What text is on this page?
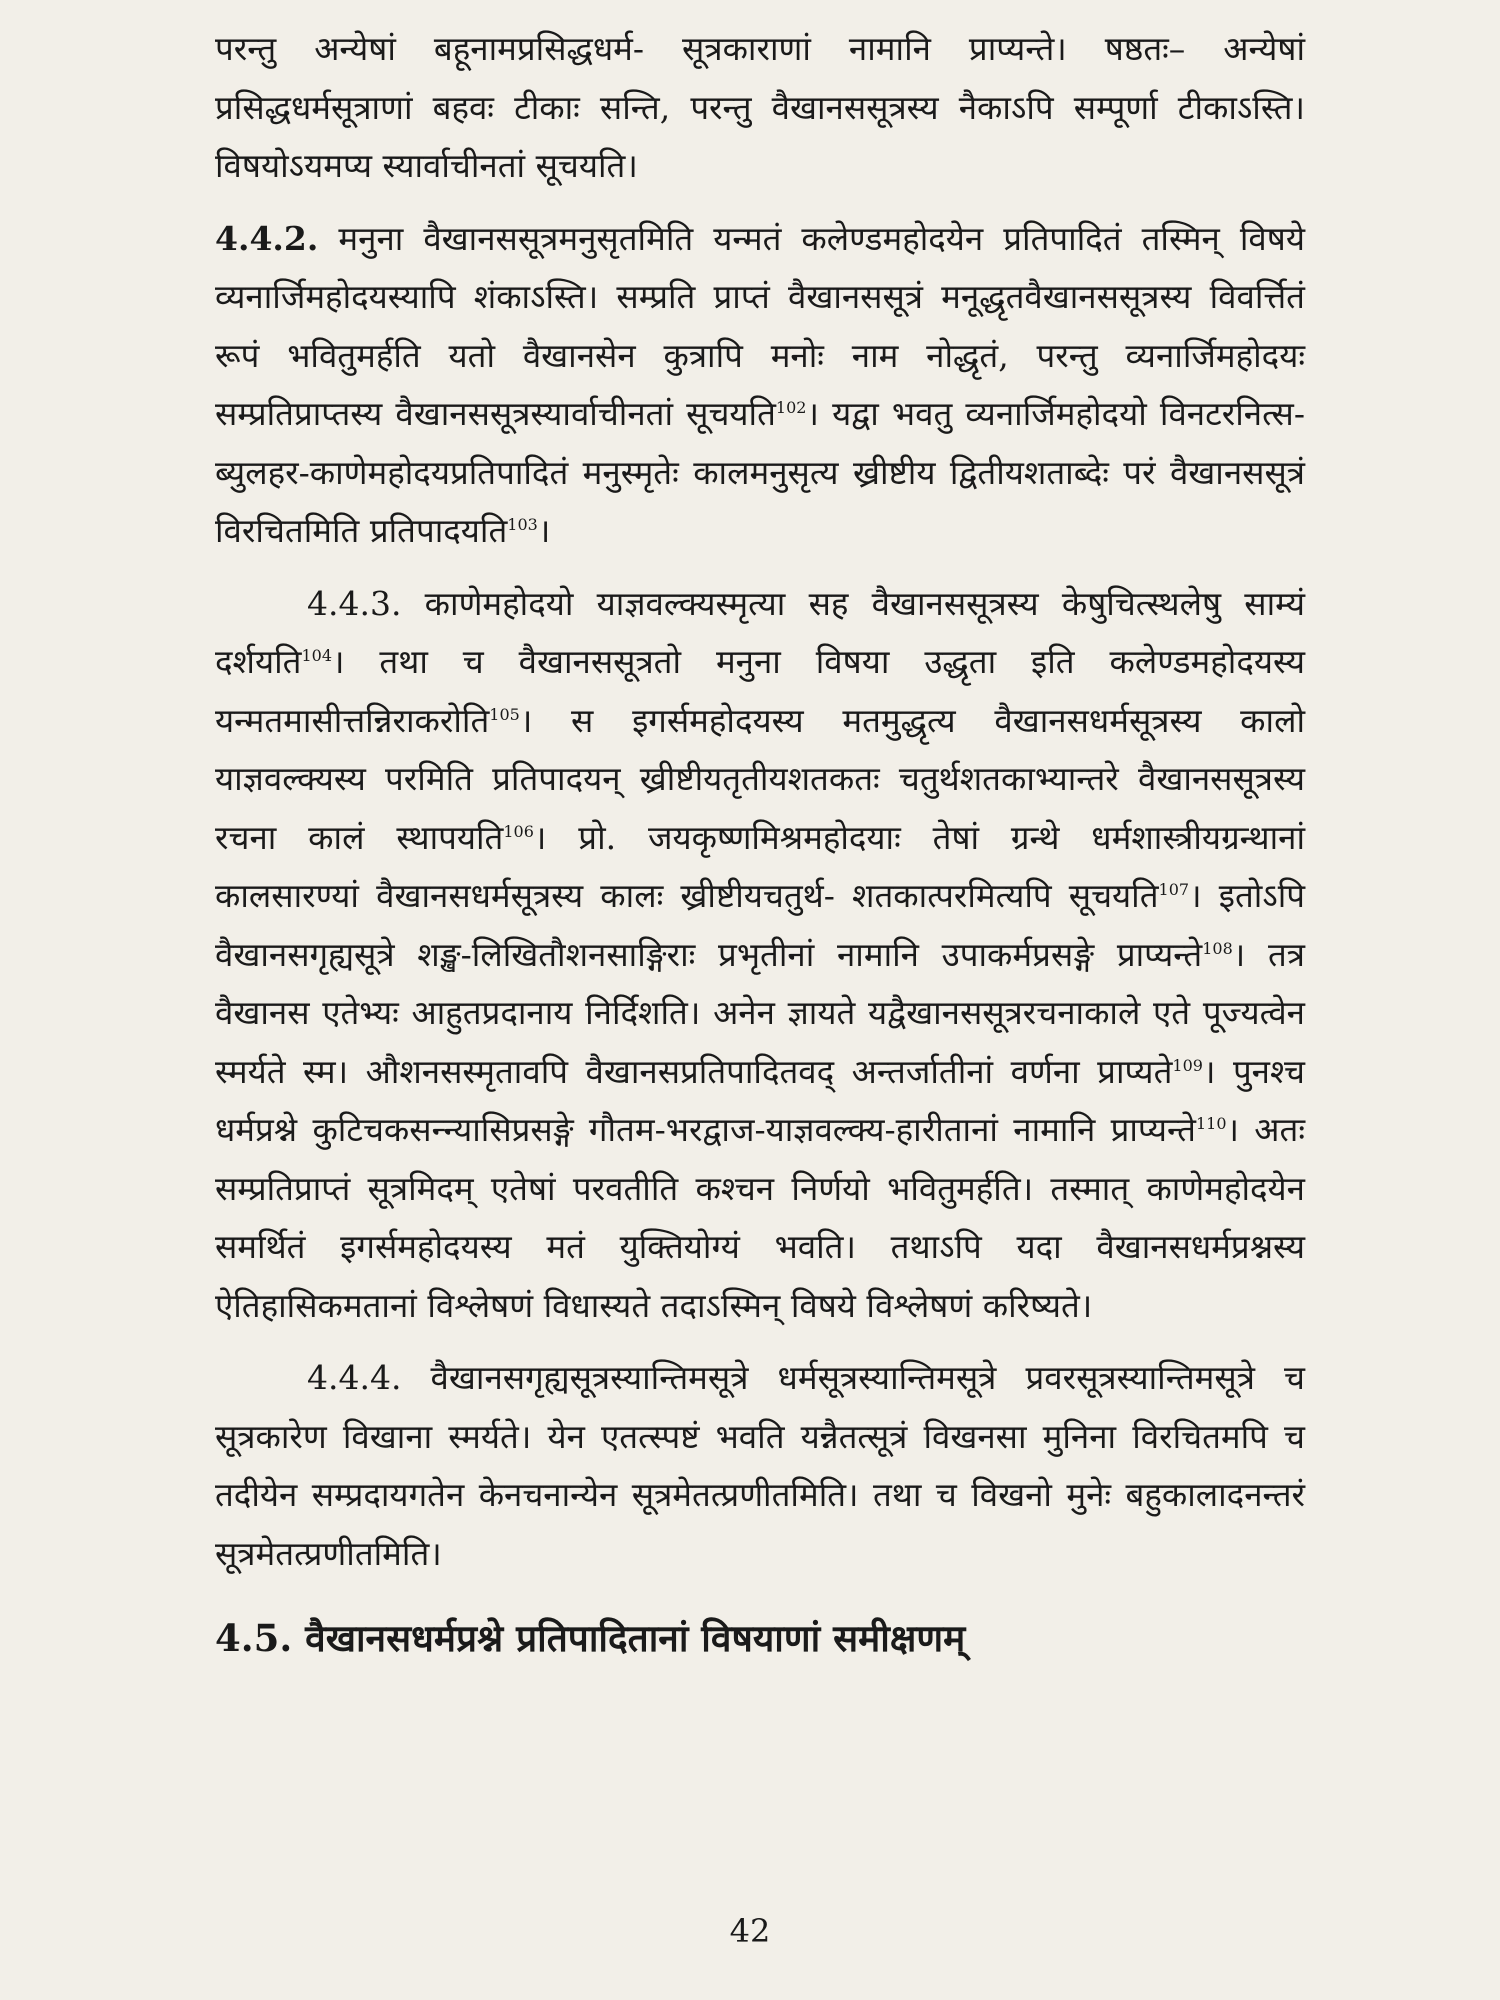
परन्तु अन्येषां बहूनामप्रसिद्धधर्म- सूत्रकाराणां नामानि प्राप्यन्ते। षष्ठतः– अन्येषां प्रसिद्धधर्मसूत्राणां बहवः टीकाः सन्ति, परन्तु वैखानससूत्रस्य नैकाऽपि सम्पूर्णा टीकाऽस्ति। विषयोऽयमप्य स्यार्वाचीनतां सूचयति।

4.4.2. मनुना वैखानससूत्रमनुसृतमिति यन्मतं कलेण्डमहोदयेन प्रतिपादितं तस्मिन् विषये व्यनार्जिमहोदयस्यापि शंकाऽस्ति। सम्प्रति प्राप्तं वैखानससूत्रं मनूद्धृतवैखानससूत्रस्य विवर्त्तितं रूपं भवितुमर्हति यतो वैखानसेन कुत्रापि मनोः नाम नोद्धृतं, परन्तु व्यनार्जिमहोदयः सम्प्रतिप्राप्तस्य वैखानससूत्रस्यार्वाचीनतां सूचयति$^{102}$। यद्वा भवतु व्यनार्जिमहोदयो विनटरनित्स-ब्युलहर-काणेमहोदयप्रतिपादितं मनुस्मृतेः कालमनुसृत्य ख्रीष्टीय द्वितीयशताब्देः परं वैखानससूत्रं विरचितमिति प्रतिपादयति$^{103}$।

4.4.3. काणेमहोदयो याज्ञवल्क्यस्मृत्या सह वैखानससूत्रस्य केषुचित्स्थलेषु साम्यं दर्शयति$^{104}$। तथा च वैखानससूत्रतो मनुना विषया उद्धृता इति कलेण्डमहोदयस्य यन्मतमासीत्तन्निराकरोति$^{105}$। स इगर्समहोदयस्य मतमुद्धृत्य वैखानसधर्मसूत्रस्य कालो याज्ञवल्क्यस्य परमिति प्रतिपादयन् ख्रीष्टीयतृतीयशतकतः चतुर्थशतकाभ्यान्तरे वैखानससूत्रस्य रचना कालं स्थापयति$^{106}$। प्रो. जयकृष्णमिश्रमहोदयाः तेषां ग्रन्थे धर्मशास्त्रीयग्रन्थानां कालसारण्यां वैखानसधर्मसूत्रस्य कालः ख्रीष्टीयचतुर्थ- शतकात्परमित्यपि सूचयति$^{107}$। इतोऽपि वैखानसगृह्यसूत्रे शङ्ख-लिखितौशनसाङ्गिराः प्रभृतीनां नामानि उपाकर्मप्रसङ्गे प्राप्यन्ते$^{108}$। तत्र वैखानस एतेभ्यः आहुतप्रदानाय निर्दिशति। अनेन ज्ञायते यद्वैखानससूत्ररचनाकाले एते पूज्यत्वेन स्मर्यते स्म। औशनसस्मृतावपि वैखानसप्रतिपादितवद् अन्तर्जातीनां वर्णना प्राप्यते$^{109}$। पुनश्च धर्मप्रश्ने कुटिचकसन्न्यासिप्रसङ्गे गौतम-भरद्वाज-याज्ञवल्क्य-हारीतानां नामानि प्राप्यन्ते$^{110}$। अतः सम्प्रतिप्राप्तं सूत्रमिदम् एतेषां परवतीति कश्चन निर्णयो भवितुमर्हति। तस्मात् काणेमहोदयेन समर्थितं इगर्समहोदयस्य मतं युक्तियोग्यं भवति। तथाऽपि यदा वैखानसधर्मप्रश्नस्य ऐतिहासिकमतानां विश्लेषणं विधास्यते तदाऽस्मिन् विषये विश्लेषणं करिष्यते।

4.4.4. वैखानसगृह्यसूत्रस्यान्तिमसूत्रे धर्मसूत्रस्यान्तिमसूत्रे प्रवरसूत्रस्यान्तिमसूत्रे च सूत्रकारेण विखाना स्मर्यते। येन एतत्स्पष्टं भवति यन्नैतत्सूत्रं विखनसा मुनिना विरचितमपि च तदीयेन सम्प्रदायगतेन केनचनान्येन सूत्रमेतत्प्रणीतमिति। तथा च विखनो मुनेः बहुकालादनन्तरं सूत्रमेतत्प्रणीतमिति।

4.5. वैखानसधर्मप्रश्ने प्रतिपादितानां विषयाणां समीक्षणम्
42
